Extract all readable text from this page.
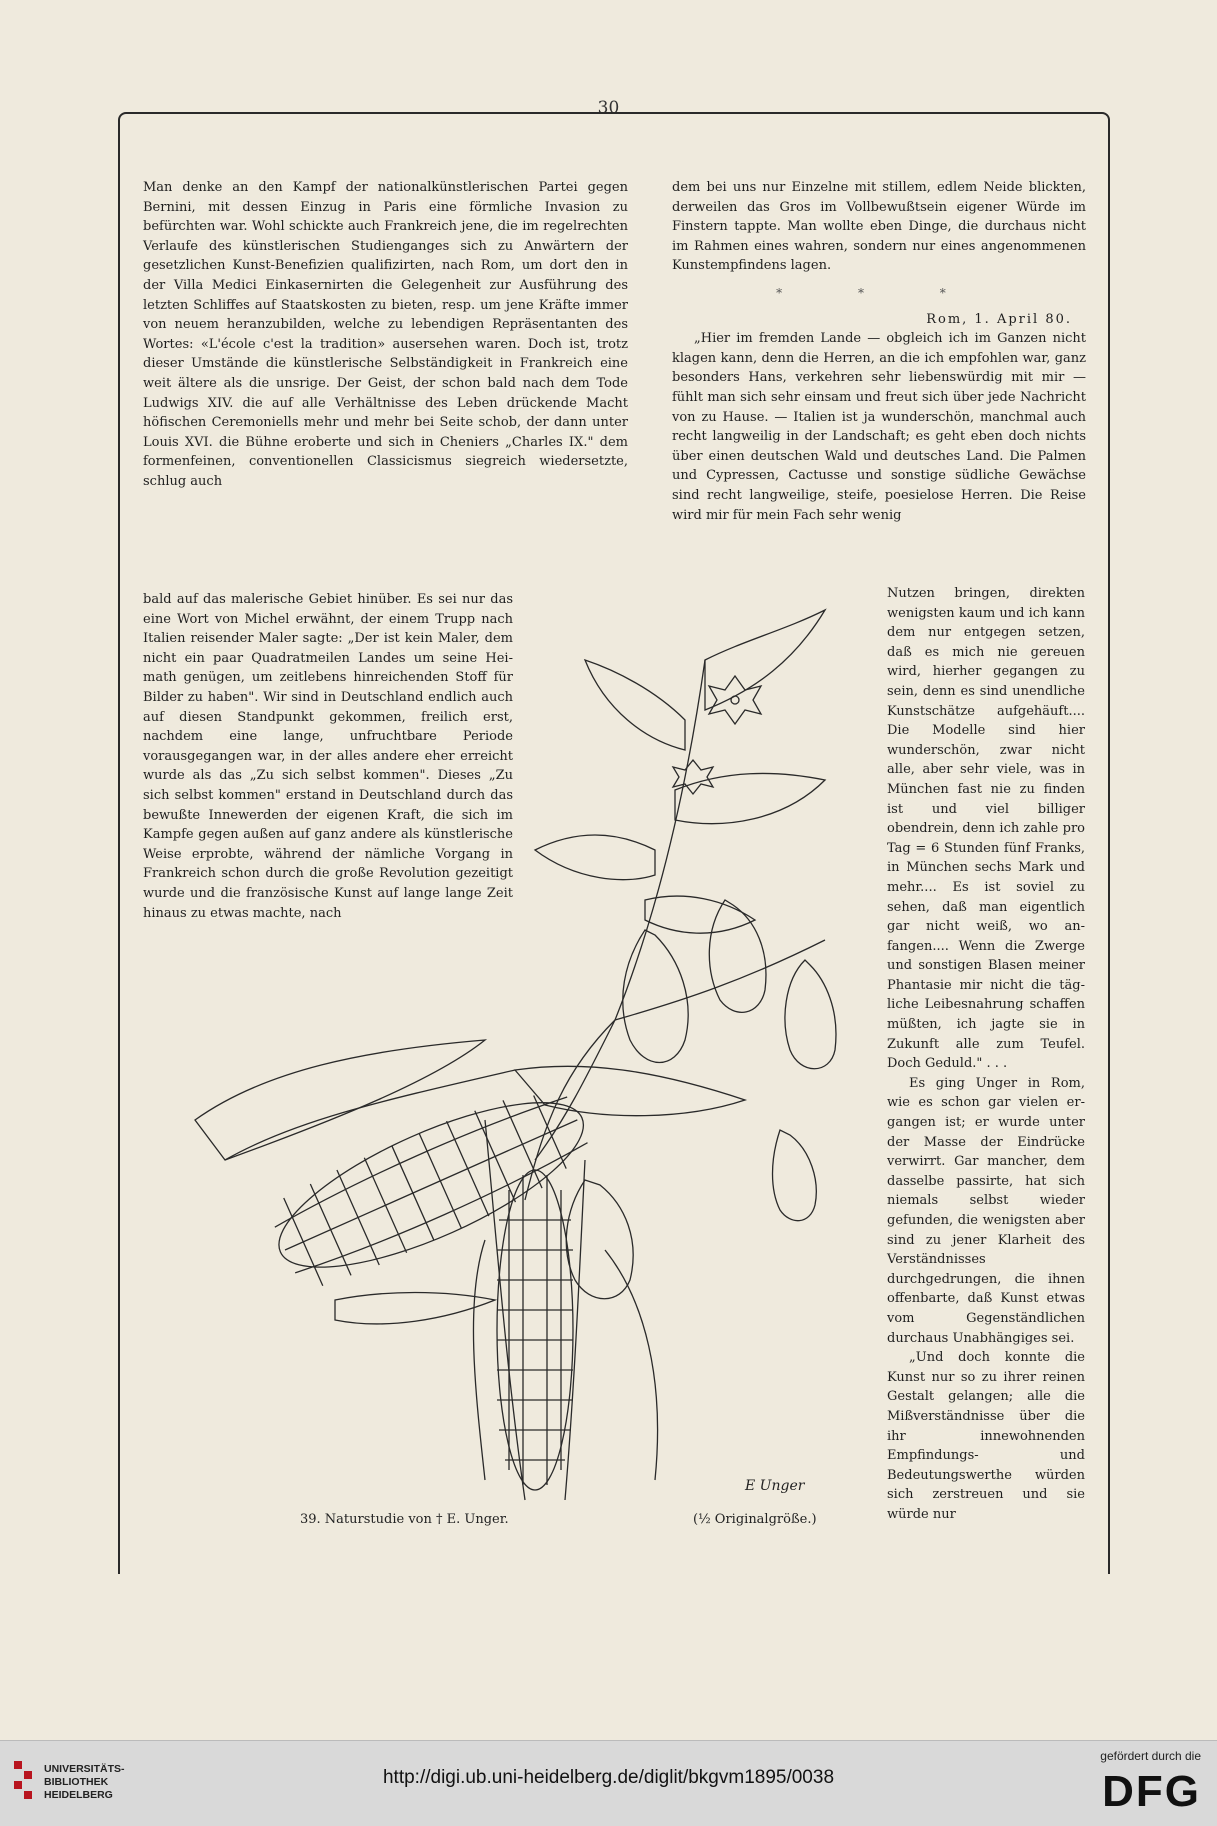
30

Man denke an den Kampf der nationalkünstlerischen Partei gegen Bernini, mit dessen Einzug in Paris eine förmliche Invasion zu befürchten war. Wohl schickte auch Frankreich jene, die im regelrechten Verlaufe des künstlerischen Studienganges sich zu Anwärtern der gesetzlichen Kunst-Benefizien qualifizirten, nach Rom, um dort den in der Villa Medici Einkasernirten die Gelegenheit zur Ausführung des letzten Schliffes auf Staatskosten zu bieten, resp. um jene Kräfte immer von neuem heranzubilden, welche zu lebendigen Repräsentanten des Wortes: «L'école c'est la tradition» ausersehen waren. Doch ist, trotz dieser Umstände die künstlerische Selbständigkeit in Frankreich eine weit ältere als die unsrige. Der Geist, der schon bald nach dem Tode Ludwigs XIV. die auf alle Verhältnisse des Leben drückende Macht höfischen Ceremoniells mehr und mehr bei Seite schob, der dann unter Louis XVI. die Bühne eroberte und sich in Cheniers „Charles IX." dem formenfeinen, conventionellen Classicismus siegreich wiedersetzte, schlug auch

bald auf das malerische Gebiet hinüber. Es sei nur das eine Wort von Michel erwähnt, der einem Trupp nach Italien reisender Maler sagte: „Der ist kein Maler, dem nicht ein paar Quadratmeilen Landes um seine Heimath genügen, um zeitlebens hinreichenden Stoff für Bilder zu haben". Wir sind in Deutschland endlich auch auf diesen Standpunkt gekommen, freilich erst, nachdem eine lange, unfruchtbare Periode vorausgegangen war, in der alles andere eher erreicht wurde als das „Zu sich selbst kommen". Dieses „Zu sich selbst kommen" erstand in Deutschland durch das bewußte Innewerden der eigenen Kraft, die sich im Kampfe gegen außen auf ganz andere als künstlerische Weise erprobte, während der nämliche Vorgang in Frankreich schon durch die große Revolution gezeitigt wurde und die französische Kunst auf lange lange Zeit hinaus zu etwas machte, nach

dem bei uns nur Einzelne mit stillem, edlem Neide blickten, derweilen das Gros im Vollbewußtsein eigener Würde im Finstern tappte. Man wollte eben Dinge, die durchaus nicht im Rahmen eines wahren, sondern nur eines angenommenen Kunstempfindens lagen.

* * *

Rom, 1. April 80.

„Hier im fremden Lande — obgleich ich im Ganzen nicht klagen kann, denn die Herren, an die ich empfohlen war, ganz besonders Hans, verkehren sehr liebenswürdig mit mir — fühlt man sich sehr einsam und freut sich über jede Nachricht von zu Hause. — Italien ist ja wunderschön, manchmal auch recht langweilig in der Landschaft; es geht eben doch nichts über einen deutschen Wald und deutsches Land. Die Palmen und Cypressen, Cactusse und sonstige südliche Gewächse sind recht langweilige, steife, poesielose Herren. Die Reise wird mir für mein Fach sehr wenig

Nutzen bringen, direkten wenigsten kaum und ich kann dem nur entgegen setzen, daß es mich nie gereuen wird, hierher gegangen zu sein, denn es sind unendliche Kunstschätze aufgehäuft.... Die Modelle sind hier wunderschön, zwar nicht alle, aber sehr viele, was in München fast nie zu finden ist und viel billiger obendrein, denn ich zahle pro Tag = 6 Stunden fünf Franks, in München sechs Mark und mehr.... Es ist soviel zu sehen, daß man eigentlich gar nicht weiß, wo anfangen.... Wenn die Zwerge und sonstigen Blasen meiner Phantasie mir nicht die tägliche Leibesnahrung schaffen müßten, ich jagte sie in Zukunft alle zum Teufel. Doch Geduld." . . .

Es ging Unger in Rom, wie es schon gar vielen ergangen ist; er wurde unter der Masse der Eindrücke verwirrt. Gar mancher, dem dasselbe passirte, hat sich niemals selbst wieder gefunden, die wenigsten aber sind zu jener Klarheit des Verständnisses durchgedrungen, die ihnen offenbarte, daß Kunst etwas vom Gegenständlichen durchaus Unabhängiges sei.

„Und doch konnte die Kunst nur so zu ihrer reinen Gestalt gelangen; alle die Mißverständnisse über die ihr innewohnenden Empfindungs- und Bedeutungswerthe würden sich zerstreuen und sie würde nur

E Unger
39. Naturstudie von † E. Unger.	(½ Originalgröße.)
UNIVERSITÄTS-
BIBLIOTHEK
HEIDELBERG
http://digi.ub.uni-heidelberg.de/diglit/bkgvm1895/0038
gefördert durch die
DFG
